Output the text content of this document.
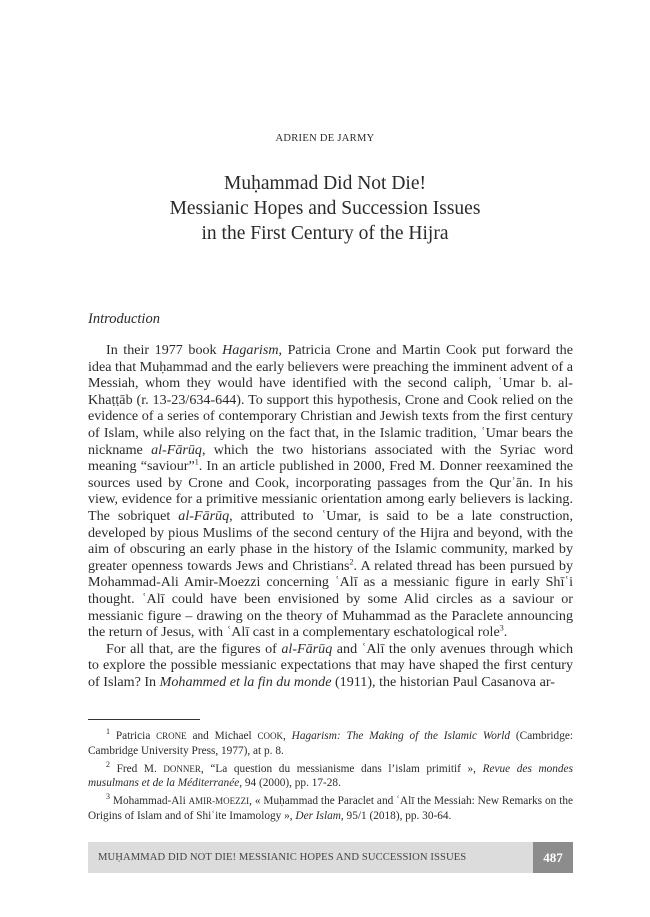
ADRIEN DE JARMY
Muḥammad Did Not Die!
Messianic Hopes and Succession Issues
in the First Century of the Hijra
Introduction

In their 1977 book Hagarism, Patricia Crone and Martin Cook put forward the idea that Muḥammad and the early believers were preaching the imminent advent of a Messiah, whom they would have identified with the second caliph, ʿUmar b. al-Khaṭṭāb (r. 13-23/634-644). To support this hypothesis, Crone and Cook relied on the evidence of a series of contemporary Christian and Jewish texts from the first century of Islam, while also relying on the fact that, in the Islamic tradition, ʿUmar bears the nickname al-Fārūq, which the two historians associated with the Syriac word meaning “saviour”$^1$. In an article published in 2000, Fred M. Donner reexamined the sources used by Crone and Cook, incorporating passages from the Qurʾān. In his view, evidence for a primitive messianic orientation among early believers is lacking. The sobriquet al-Fārūq, attributed to ʿUmar, is said to be a late construction, developed by pious Muslims of the second century of the Hijra and beyond, with the aim of obscuring an early phase in the history of the Islamic community, marked by greater openness towards Jews and Christians$^2$. A related thread has been pursued by Mohammad-Ali Amir-Moezzi concerning ʿAlī as a messianic figure in early Shīʿi thought. ʿAlī could have been envisioned by some Alid circles as a saviour or messianic figure – drawing on the theory of Muhammad as the Paraclete announcing the return of Jesus, with ʿAlī cast in a complementary eschatological role$^3$.

For all that, are the figures of al-Fārūq and ʿAlī the only avenues through which to explore the possible messianic expectations that may have shaped the first century of Islam? In Mohammed et la fin du monde (1911), the historian Paul Casanova ar-

$^1$ Patricia CRONE and Michael COOK, Hagarism: The Making of the Islamic World (Cambridge: Cambridge University Press, 1977), at p. 8.

$^2$ Fred M. DONNER, “La question du messianisme dans l’islam primitif », Revue des mondes musulmans et de la Méditerranée, 94 (2000), pp. 17-28.

$^3$ Mohammad-Ali AMIR-MOEZZI, « Muḥammad the Paraclet and ʿAlī the Messiah: New Remarks on the Origins of Islam and of Shiʿite Imamology », Der Islam, 95/1 (2018), pp. 30-64.

MUḤAMMAD DID NOT DIE! MESSIANIC HOPES AND SUCCESSION ISSUES	487
